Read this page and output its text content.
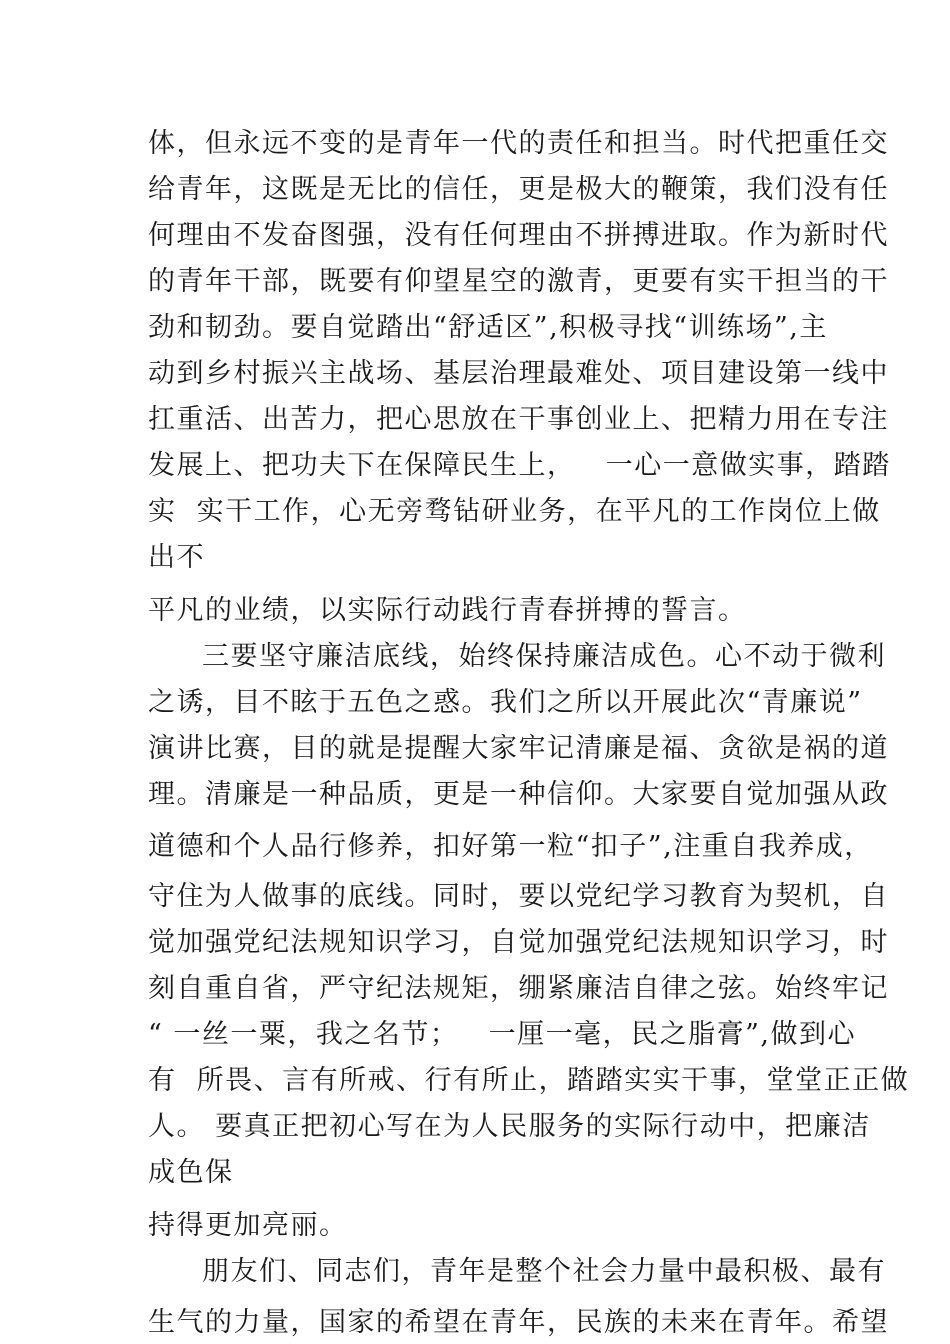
体，但永远不变的是青年一代的责任和担当。时代把重任交
给青年，这既是无比的信任，更是极大的鞭策，我们没有任
何理由不发奋图强，没有任何理由不拼搏进取。作为新时代
的青年干部，既要有仰望星空的激青，更要有实干担当的干
劲和韧劲。要自觉踏出“舒适区”,积极寻找“训练场”,主
动到乡村振兴主战场、基层治理最难处、项目建设第一线中
扛重活、出苦力，把心思放在干事创业上、把精力用在专注
发展上、把功夫下在保障民生上，   一心一意做实事，踏踏
实  实干工作，心无旁骛钻研业务，在平凡的工作岗位上做
出不
平凡的业绩，以实际行动践行青春拼搏的誓言。
三要坚守廉洁底线，始终保持廉洁成色。心不动于微利
之诱，目不眩于五色之惑。我们之所以开展此次“青廉说”
演讲比赛，目的就是提醒大家牢记清廉是福、贪欲是祸的道
理。清廉是一种品质，更是一种信仰。大家要自觉加强从政
道德和个人品行修养，扣好第一粒“扣子”,注重自我养成，
守住为人做事的底线。同时，要以党纪学习教育为契机，自
觉加强党纪法规知识学习，自觉加强党纪法规知识学习，时
刻自重自省，严守纪法规矩，绷紧廉洁自律之弦。始终牢记
“ 一丝一粟，我之名节；   一厘一毫，民之脂膏”,做到心
有  所畏、言有所戒、行有所止，踏踏实实干事，堂堂正正做
人。 要真正把初心写在为人民服务的实际行动中，把廉洁
成色保
持得更加亮丽。
朋友们、同志们，青年是整个社会力量中最积极、最有
生气的力量，国家的希望在青年，民族的未来在青年。希望
